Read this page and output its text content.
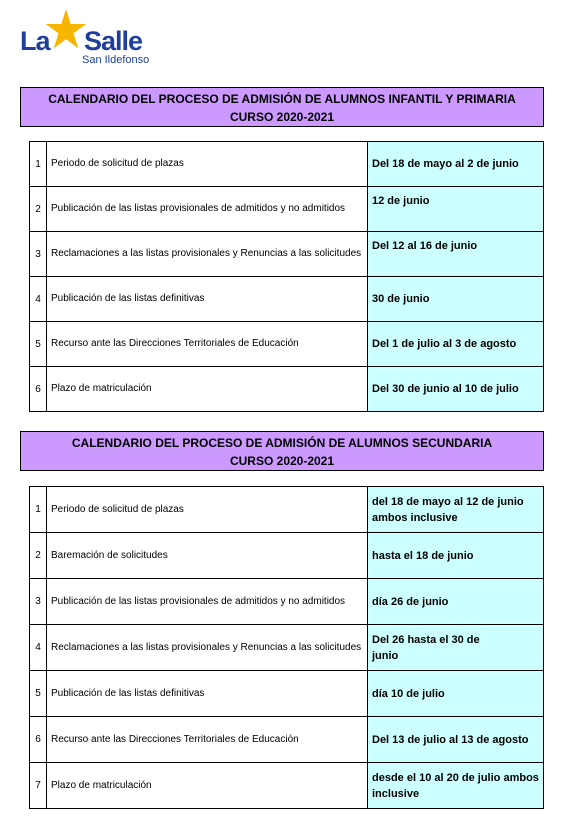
La Salle
San Ildefonso
CALENDARIO DEL PROCESO DE ADMISIÓN DE ALUMNOS INFANTIL Y PRIMARIA
CURSO 2020-2021
1	Periodo de solicitud de plazas	Del 18 de mayo al 2 de junio
2	Publicación de las listas provisionales de admitidos y no admitidos	12 de junio
3	Reclamaciones a las listas provisionales y Renuncias a las solicitudes	Del 12 al 16 de junio
4	Publicación de las listas definitivas	30 de junio
5	Recurso ante las Direcciones Territoriales de Educación	Del 1 de julio al 3 de agosto
6	Plazo de matriculación	Del 30 de junio al 10 de julio
CALENDARIO DEL PROCESO DE ADMISIÓN DE ALUMNOS SECUNDARIA
CURSO 2020-2021
1	Periodo de solicitud de plazas	del 18 de mayo al 12 de junio ambos inclusive
2	Baremación de solicitudes	hasta el 18 de junio
3	Publicación de las listas provisionales de admitidos y no admitidos	día 26 de junio
4	Reclamaciones a las listas provisionales y Renuncias a las solicitudes	Del 26 hasta el 30 de junio
5	Publicación de las listas definitivas	día 10 de julio
6	Recurso ante las Direcciones Territoriales de Educación	Del 13 de julio al 13 de agosto
7	Plazo de matriculación	desde el 10 al 20 de julio ambos inclusive
